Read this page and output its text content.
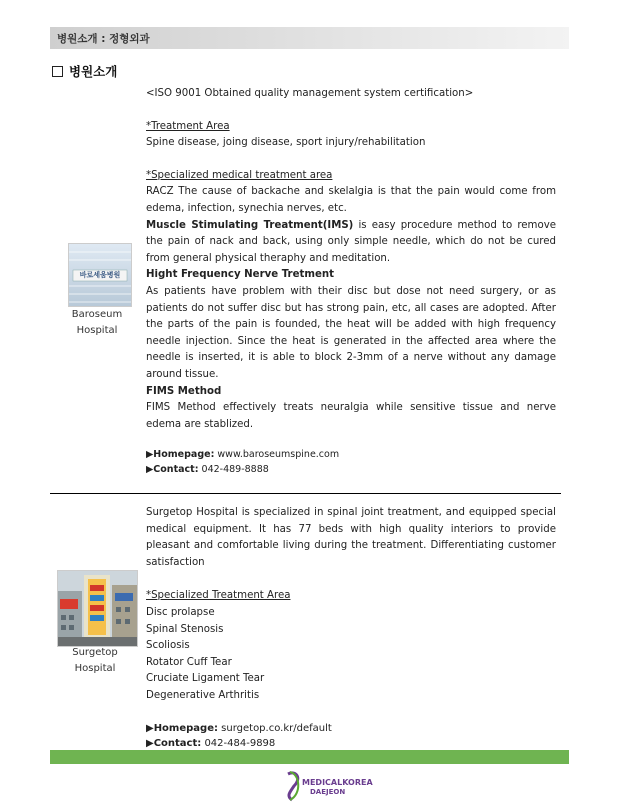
병원소개 : 정형외과
병원소개
바로세움병원
Baroseum
Hospital

<ISO 9001 Obtained quality management system certification>

*Treatment Area

Spine disease, joing disease, sport injury/rehabilitation

*Specialized medical treatment area

RACZ The cause of backache and skelalgia is that the pain would come from edema, infection, synechia nerves, etc.

Muscle Stimulating Treatment(IMS) is easy procedure method to remove the pain of nack and back, using only simple needle, which do not be cured from general physical theraphy and meditation.

Hight Frequency Nerve Tretment

As patients have problem with their disc but dose not need surgery, or as patients do not suffer disc but has strong pain, etc, all cases are adopted. After the parts of the pain is founded, the heat will be added with high frequency needle injection. Since the heat is generated in the affected area where the needle is inserted, it is able to block 2-3mm of a nerve without any damage around tissue.

FIMS Method

FIMS Method effectively treats neuralgia while sensitive tissue and nerve edema are stablized.

▶Homepage: www.baroseumspine.com

▶Contact: 042-489-8888

Surgetop
Hospital

Surgetop Hospital is specialized in spinal joint treatment, and equipped special medical equipment. It has 77 beds with high quality interiors to provide pleasant and comfortable living during the treatment. Differentiating customer satisfaction

*Specialized Treatment Area

Disc prolapse

Spinal Stenosis

Scoliosis

Rotator Cuff Tear

Cruciate Ligament Tear

Degenerative Arthritis

▶Homepage: surgetop.co.kr/default

▶Contact: 042-484-9898

MEDICALKOREA
DAEJEON
